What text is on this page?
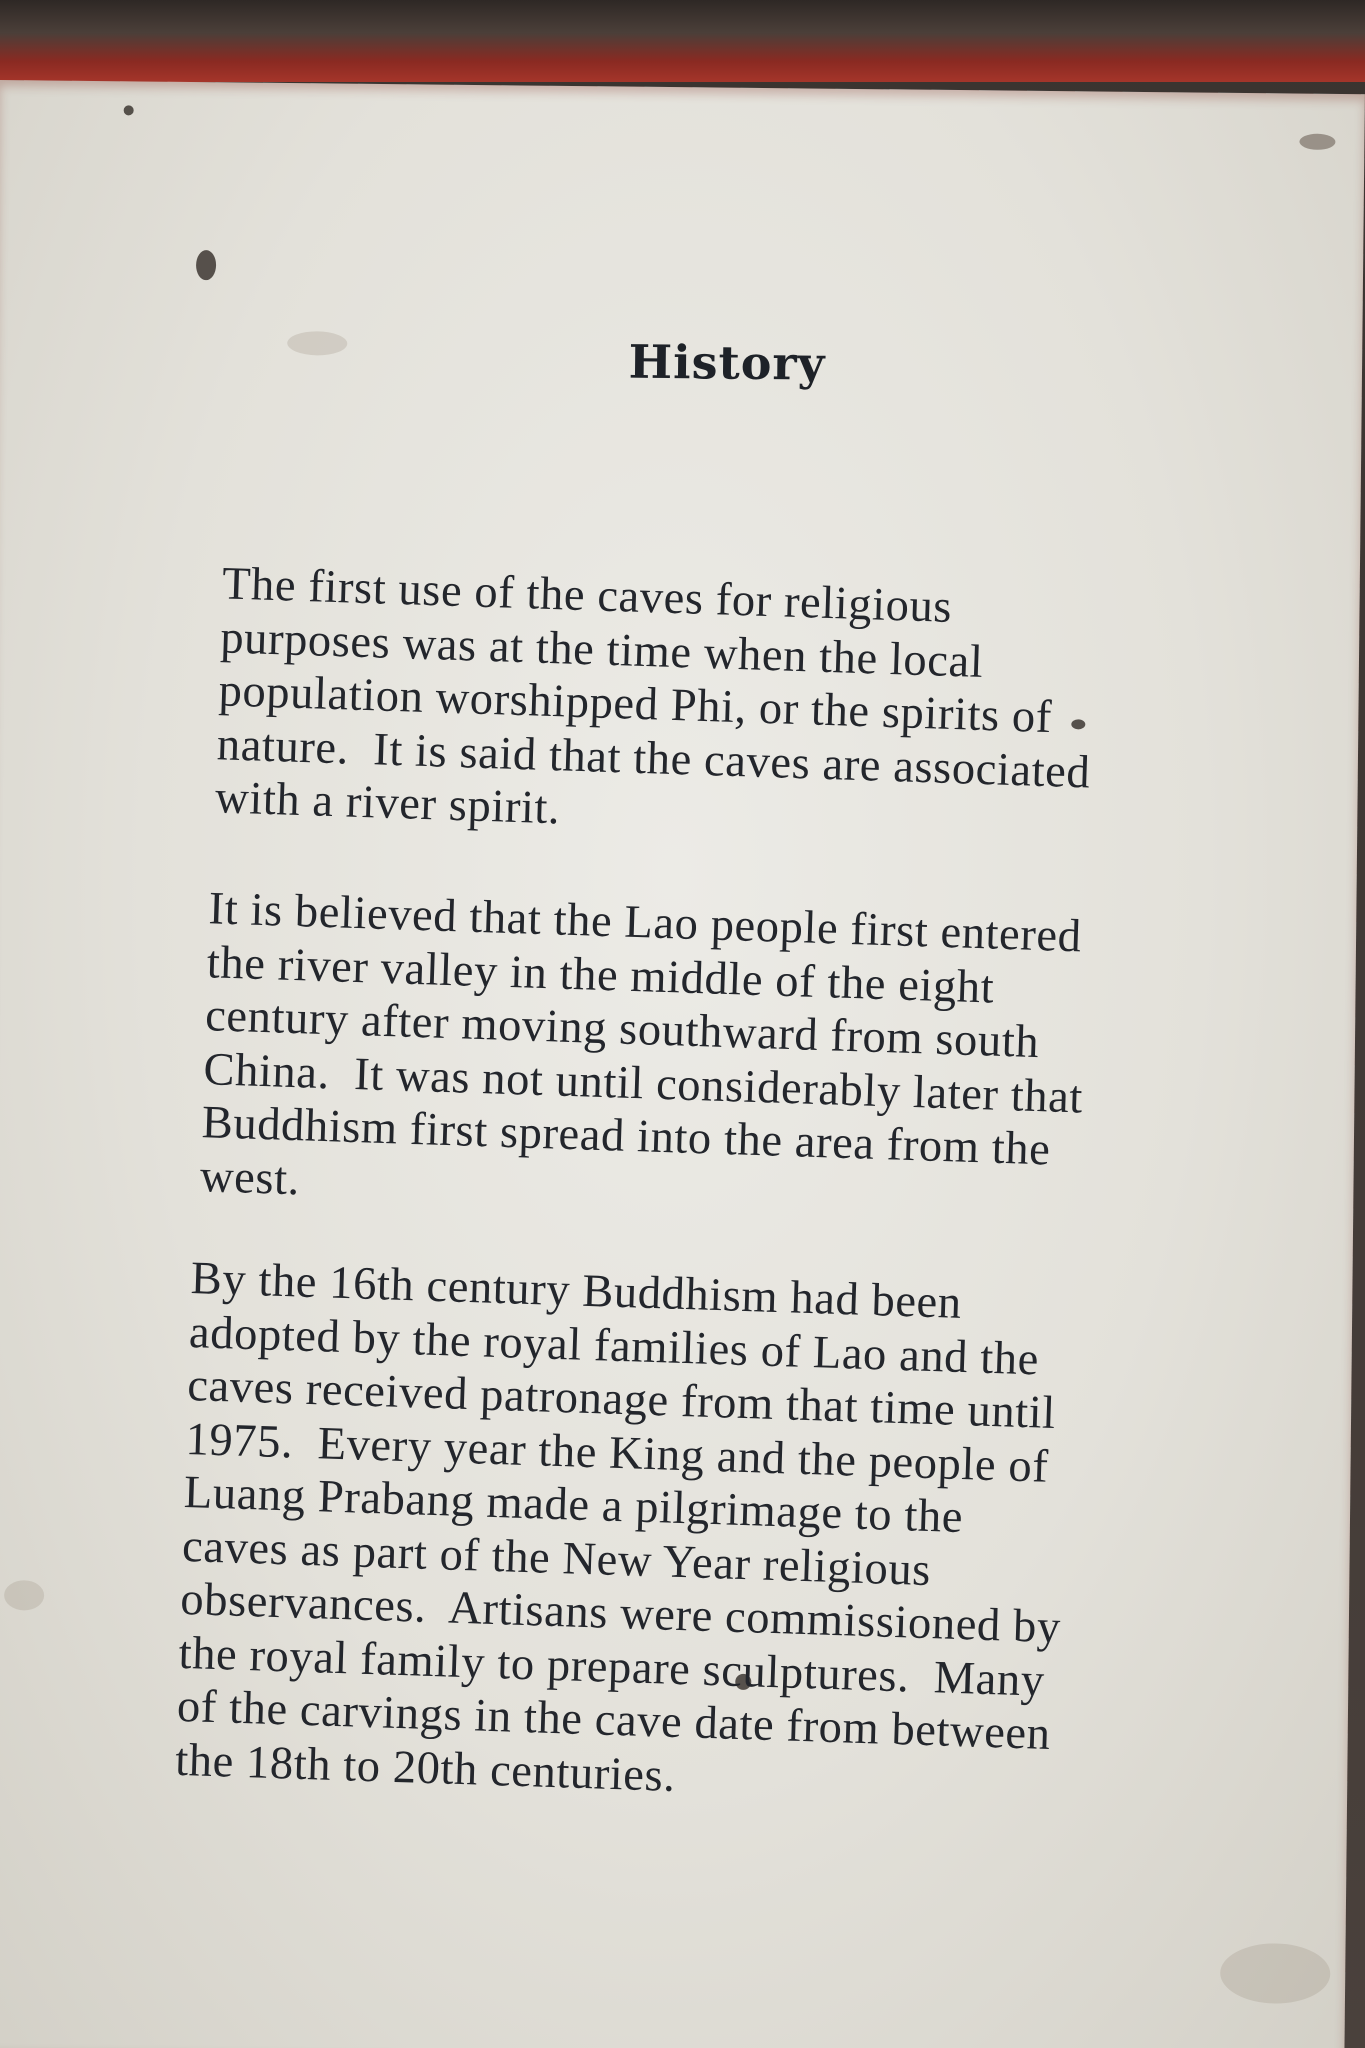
History

The first use of the caves for religious
purposes was at the time when the local
population worshipped Phi, or the spirits of
nature.  It is said that the caves are associated
with a river spirit.

It is believed that the Lao people first entered
the river valley in the middle of the eight
century after moving southward from south
China.  It was not until considerably later that
Buddhism first spread into the area from the
west.

By the 16th century Buddhism had been
adopted by the royal families of Lao and the
caves received patronage from that time until
1975.  Every year the King and the people of
Luang Prabang made a pilgrimage to the
caves as part of the New Year religious
observances.  Artisans were commissioned by
the royal family to prepare sculptures.  Many
of the carvings in the cave date from between
the 18th to 20th centuries.
